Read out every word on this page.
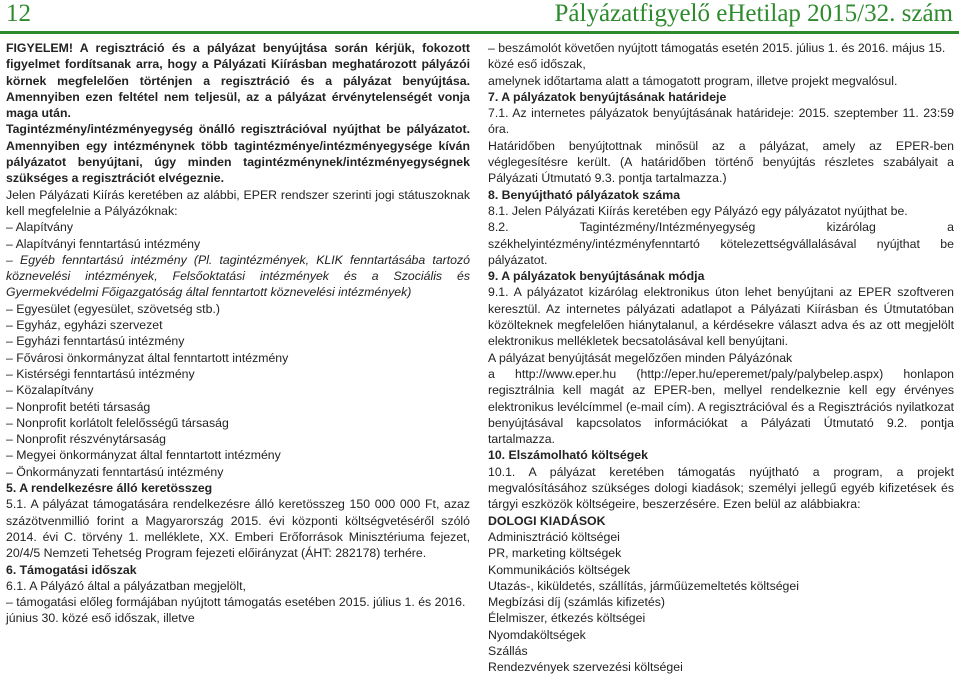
12	Pályázatfigyelő eHetilap 2015/32. szám

FIGYELEM! A regisztráció és a pályázat benyújtása során kérjük, fokozott figyelmet fordítsanak arra, hogy a Pályázati Kiírásban meghatározott pályázói körnek megfelelően történjen a regisztráció és a pályázat benyújtása. Amennyiben ezen feltétel nem teljesül, az a pályázat érvénytelenségét vonja maga után.

Tagintézmény/intézményegység önálló regisztrációval nyújthat be pályázatot. Amennyiben egy intézménynek több tagintézménye/intézményegysége kíván pályázatot benyújtani, úgy minden tagintézménynek/intézményegységnek szükséges a regisztrációt elvégeznie.

Jelen Pályázati Kiírás keretében az alábbi, EPER rendszer szerinti jogi státuszoknak kell megfelelnie a Pályázóknak:

– Alapítvány

– Alapítványi fenntartású intézmény

– Egyéb fenntartású intézmény (Pl. tagintézmények, KLIK fenntartásába tartozó köznevelési intézmények, Felsőoktatási intézmények és a Szociális és Gyermekvédelmi Főigazgatóság által fenntartott köznevelési intézmények)

– Egyesület (egyesület, szövetség stb.)

– Egyház, egyházi szervezet

– Egyházi fenntartású intézmény

– Fővárosi önkormányzat által fenntartott intézmény

– Kistérségi fenntartású intézmény

– Közalapítvány

– Nonprofit betéti társaság

– Nonprofit korlátolt felelősségű társaság

– Nonprofit részvénytársaság

– Megyei önkormányzat által fenntartott intézmény

– Önkormányzati fenntartású intézmény

5. A rendelkezésre álló keretösszeg

5.1. A pályázat támogatására rendelkezésre álló keretösszeg 150 000 000 Ft, azaz százötvenmillió forint a Magyarország 2015. évi központi költségvetéséről szóló 2014. évi C. törvény 1. melléklete, XX. Emberi Erőforrások Minisztériuma fejezet, 20/4/5 Nemzeti Tehetség Program fejezeti előirányzat (ÁHT: 282178) terhére.

6. Támogatási időszak

6.1. A Pályázó által a pályázatban megjelölt,

– támogatási előleg formájában nyújtott támogatás esetében 2015. július 1. és 2016. június 30. közé eső időszak, illetve

– beszámolót követően nyújtott támogatás esetén 2015. július 1. és 2016. május 15. közé eső időszak,

amelynek időtartama alatt a támogatott program, illetve projekt megvalósul.

7. A pályázatok benyújtásának határideje

7.1. Az internetes pályázatok benyújtásának határideje: 2015. szeptember 11. 23:59 óra.

Határidőben benyújtottnak minősül az a pályázat, amely az EPER-ben véglegesítésre került. (A határidőben történő benyújtás részletes szabályait a Pályázati Útmutató 9.3. pontja tartalmazza.)

8. Benyújtható pályázatok száma

8.1. Jelen Pályázati Kiírás keretében egy Pályázó egy pályázatot nyújthat be.

8.2. Tagintézmény/Intézményegység kizárólag a székhelyintézmény/intézményfenntartó kötelezettségvállalásával nyújthat be pályázatot.

9. A pályázatok benyújtásának módja

9.1. A pályázatot kizárólag elektronikus úton lehet benyújtani az EPER szoftveren keresztül. Az internetes pályázati adatlapot a Pályázati Kiírásban és Útmutatóban közölteknek megfelelően hiánytalanul, a kérdésekre választ adva és az ott megjelölt elektronikus mellékletek becsatolásával kell benyújtani.

A pályázat benyújtását megelőzően minden Pályázónak

a http://www.eper.hu (http://eper.hu/eperemet/paly/palybelep.aspx) honlapon regisztrálnia kell magát az EPER-ben, mellyel rendelkeznie kell egy érvényes elektronikus levélcímmel (e-mail cím). A regisztrációval és a Regisztrációs nyilatkozat benyújtásával kapcsolatos információkat a Pályázati Útmutató 9.2. pontja tartalmazza.

10. Elszámolható költségek

10.1. A pályázat keretében támogatás nyújtható a program, a projekt megvalósításához szükséges dologi kiadások; személyi jellegű egyéb kifizetések és tárgyi eszközök költségeire, beszerzésére. Ezen belül az alábbiakra:

DOLOGI KIADÁSOK

Adminisztráció költségei

PR, marketing költségek

Kommunikációs költségek

Utazás-, kiküldetés, szállítás, járműüzemeltetés költségei

Megbízási díj (számlás kifizetés)

Élelmiszer, étkezés költségei

Nyomdaköltségek

Szállás

Rendezvények szervezési költségei
